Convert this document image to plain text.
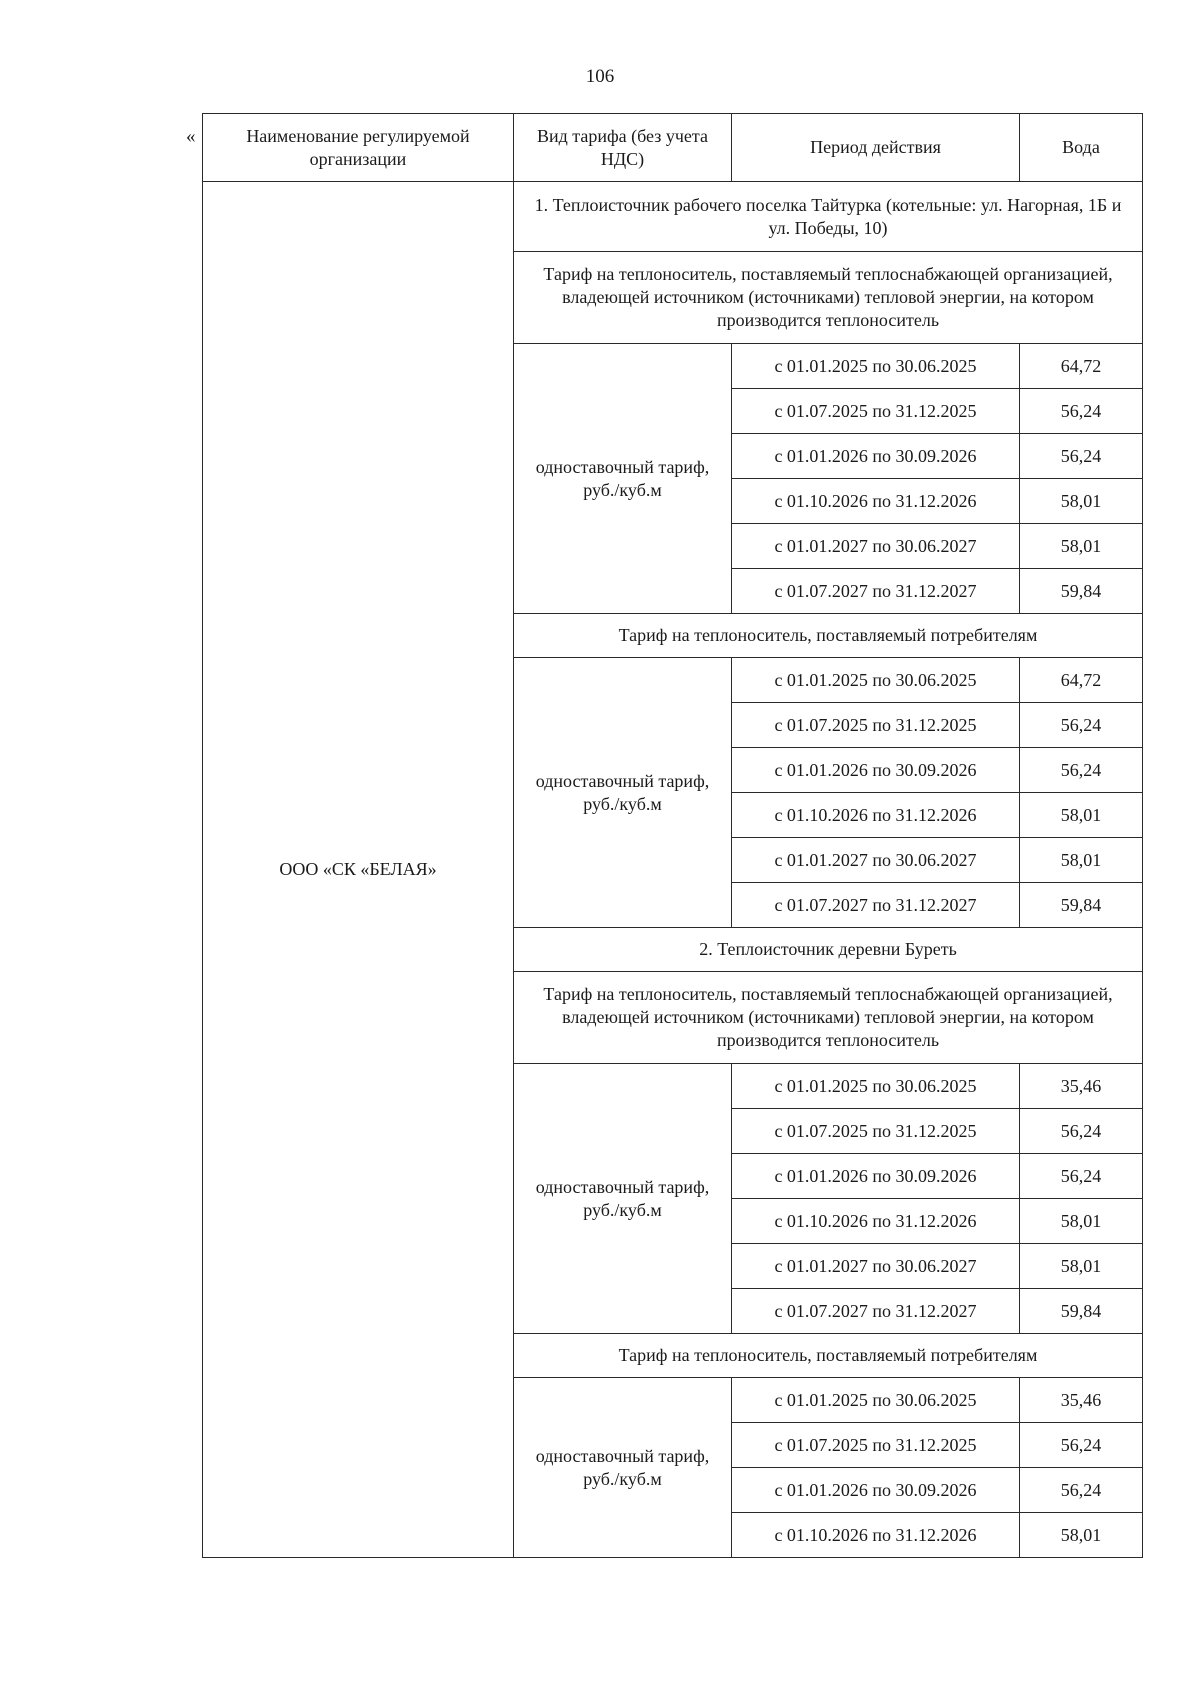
106
«	Наименование регулируемой организации	Вид тарифа (без учета НДС)	Период действия	Вода
ООО «СК «БЕЛАЯ»	1. Теплоисточник рабочего поселка Тайтурка (котельные: ул. Нагорная, 1Б и ул. Победы, 10)		
	Тариф на теплоноситель, поставляемый теплоснабжающей организацией, владеющей источником (источниками) тепловой энергии, на котором производится теплоноситель		
	одноставочный тариф, руб./куб.м	с 01.01.2025 по 30.06.2025	64,72
		с 01.07.2025 по 31.12.2025	56,24
		с 01.01.2026 по 30.09.2026	56,24
		с 01.10.2026 по 31.12.2026	58,01
		с 01.01.2027 по 30.06.2027	58,01
		с 01.07.2027 по 31.12.2027	59,84
	Тариф на теплоноситель, поставляемый потребителям		
	одноставочный тариф, руб./куб.м	с 01.01.2025 по 30.06.2025	64,72
		с 01.07.2025 по 31.12.2025	56,24
		с 01.01.2026 по 30.09.2026	56,24
		с 01.10.2026 по 31.12.2026	58,01
		с 01.01.2027 по 30.06.2027	58,01
		с 01.07.2027 по 31.12.2027	59,84
	2. Теплоисточник деревни Буреть		
	Тариф на теплоноситель, поставляемый теплоснабжающей организацией, владеющей источником (источниками) тепловой энергии, на котором производится теплоноситель		
	одноставочный тариф, руб./куб.м	с 01.01.2025 по 30.06.2025	35,46
		с 01.07.2025 по 31.12.2025	56,24
		с 01.01.2026 по 30.09.2026	56,24
		с 01.10.2026 по 31.12.2026	58,01
		с 01.01.2027 по 30.06.2027	58,01
		с 01.07.2027 по 31.12.2027	59,84
	Тариф на теплоноситель, поставляемый потребителям		
	одноставочный тариф, руб./куб.м	с 01.01.2025 по 30.06.2025	35,46
		с 01.07.2025 по 31.12.2025	56,24
		с 01.01.2026 по 30.09.2026	56,24
		с 01.10.2026 по 31.12.2026	58,01
